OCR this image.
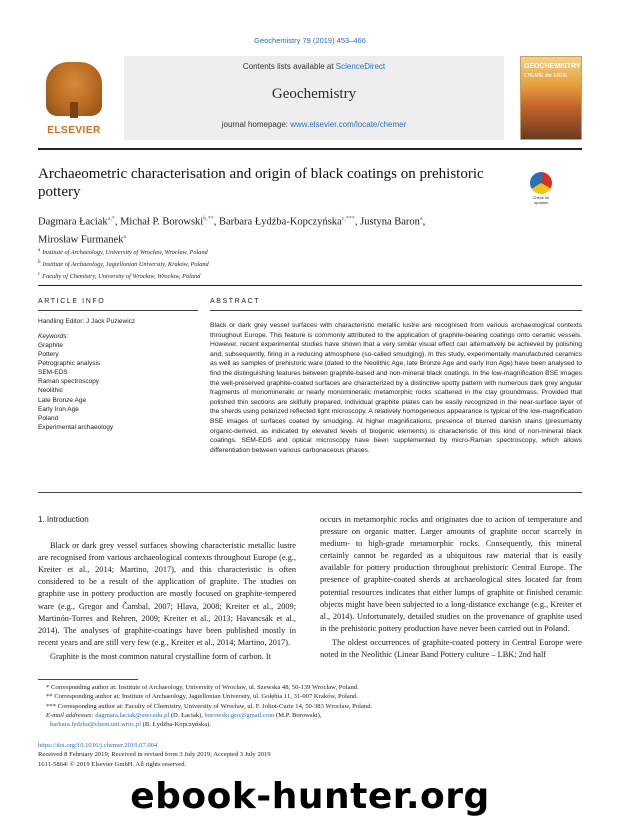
Geochemistry 79 (2019) 453–466
ELSEVIER
Contents lists available at ScienceDirect
Geochemistry
journal homepage: www.elsevier.com/locate/chemer
GEOCHEMISTRY
CHEMIE der ERDE
Archaeometric characterisation and origin of black coatings on prehistoric pottery	Check for updates
Dagmara Łaciak$^{a,*}$, Michał P. Borowski$^{b,**}$, Barbara Łydżba-Kopczyńska$^{c,***}$, Justyna Baron$^a$,
Mirosław Furmanek$^a$
$^a$ Institute of Archaeology, University of Wrocław, Wrocław, Poland
$^b$ Institute of Archaeology, Jagiellonian University, Kraków, Poland
$^c$ Faculty of Chemistry, University of Wrocław, Wrocław, Poland
ARTICLE INFO	ABSTRACT
Handling Editor: J Jack Puziewicz
Keywords:
Graphite
Pottery
Petrographic analysis
SEM-EDS
Raman spectroscopy
Neolithic
Late Bronze Age
Early Iron Age
Poland
Experimental archaeology
Black or dark grey vessel surfaces with characteristic metallic lustre are recognised from various archaeological contexts throughout Europe. This feature is commonly attributed to the application of graphite-bearing coatings onto ceramic vessels. However, recent experimental studies have shown that a very similar visual effect can alternatively be achieved by polishing and, subsequently, firing in a reducing atmosphere (so-called smudging). In this study, experimentally manufactured ceramics as well as samples of prehistoric ware (dated to the Neolithic Age, late Bronze Age and early Iron Age) have been analysed to find the distinguishing features between graphite-based and non-mineral black coatings. In the low-magnification BSE images the well-preserved graphite-coated surfaces are characterized by a distinctive spotty pattern with numerous dark grey angular fragments of monomineralic or nearly monomineralic metamorphic rocks scattered in the clay groundmass. Provided that polished thin sections are skilfully prepared, individual graphite plates can be easily recognized in the near-surface layer of the sherds using polarized reflected light microscopy. A relatively homogeneous appearance is typical of the low-magnification BSE images of surfaces coated by smudging. At higher magnifications, presence of blurred darkish stains (presumably organic-derived, as indicated by elevated levels of biogenic elements) is characteristic of this kind of non-mineral black coatings. SEM-EDS and optical microscopy have been supplemented by micro-Raman spectroscopy, which allows differentiation between various carbonaceous phases.
1. Introduction

Black or dark grey vessel surfaces showing characteristic metallic lustre are recognised from various archaeological contexts throughout Europe (e.g., Kreiter et al., 2014; Martino, 2017), and this characteristic is often considered to be a result of the application of graphite. The studies on graphite use in pottery production are mostly focused on graphite-tempered ware (e.g., Gregor and Čambal, 2007; Hlava, 2008; Kreiter et al., 2009; Martinón-Torres and Rehren, 2009; Kreiter et al., 2013; Havancsák et al., 2014). The analyses of graphite-coatings have been published mostly in recent years and are still very few (e.g., Kreiter et al., 2014; Martino, 2017).

Graphite is the most common natural crystalline form of carbon. It

occurs in metamorphic rocks and originates due to action of temperature and pressure on organic matter. Larger amounts of graphite occur scarcely in medium- to high-grade metamorphic rocks. Consequently, this mineral certainly cannot be regarded as a ubiquitous raw material that is easily available for pottery production throughout prehistoric Central Europe. The presence of graphite-coated sherds at archaeological sites located far from potential resources indicates that either lumps of graphite or finished ceramic objects might have been subjected to a long-distance exchange (e.g., Kreiter et al., 2014). Unfortunately, detailed studies on the provenance of graphite used in the prehistoric pottery production have never been carried out in Poland.

The oldest occurrences of graphite-coated pottery in Central Europe were noted in the Neolithic (Linear Band Pottery culture – LBK; 2nd half

* Corresponding author at: Institute of Archaeology, University of Wrocław, ul. Szewska 48, 50-139 Wrocław, Poland.
** Corresponding author at: Institute of Archaeology, Jagiellonian University, ul. Gołębia 11, 31-007 Kraków, Poland.
*** Corresponding author at: Faculty of Chemistry, University of Wrocław, ul. F. Joliot-Curie 14, 50-383 Wrocław, Poland.
E-mail addresses: dagmara.laciak@uwr.edu.pl (D. Łaciak), borowski.geo@gmail.com (M.P. Borowski),
barbara.lydzba@chem.uni.wroc.pl (B. Łydżba-Kopczyńska).
https://doi.org/10.1016/j.chemer.2019.07.004
Received 8 February 2019; Received in revised form 3 July 2019; Accepted 3 July 2019
1611-5864/ © 2019 Elsevier GmbH. All rights reserved.
ebook-hunter.org
